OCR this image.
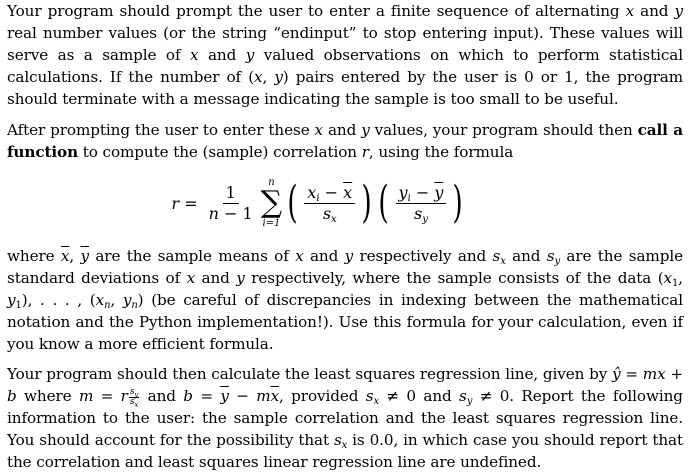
Your program should prompt the user to enter a finite sequence of alternating x and y real number values (or the string “endinput” to stop entering input). These values will serve as a sample of x and y valued observations on which to perform statistical calculations. If the number of (x, y) pairs entered by the user is 0 or 1, the program should terminate with a message indicating the sample is too small to be useful.

After prompting the user to enter these x and y values, your program should then call a function to compute the (sample) correlation r, using the formula

$r = \frac{1}{n - 1}$
n
∑
i=1 ( $\frac{x_i - \overline{x}}{s_x}$ ) ( $\frac{y_i - \overline{y}}{s_y}$ )

where $\overline{x}$, $\overline{y}$ are the sample means of x and y respectively and $s_x$ and $s_y$ are the sample standard deviations of x and y respectively, where the sample consists of the data ($x_1$, $y_1$), . . . , ($x_n$, $y_n$) (be careful of discrepancies in indexing between the mathematical notation and the Python implementation!). Use this formula for your calculation, even if you know a more efficient formula.

Your program should then calculate the least squares regression line, given by ŷ = mx + b where m = r $\frac{s_y}{s_x}$ and $b = \overline{y} - m\overline{x}$, provided $s_x \ne 0$ and $s_y \ne 0$. Report the following information to the user: the sample correlation and the least squares regression line. You should account for the possibility that $s_x$ is 0.0, in which case you should report that the correlation and least squares linear regression line are undefined.
